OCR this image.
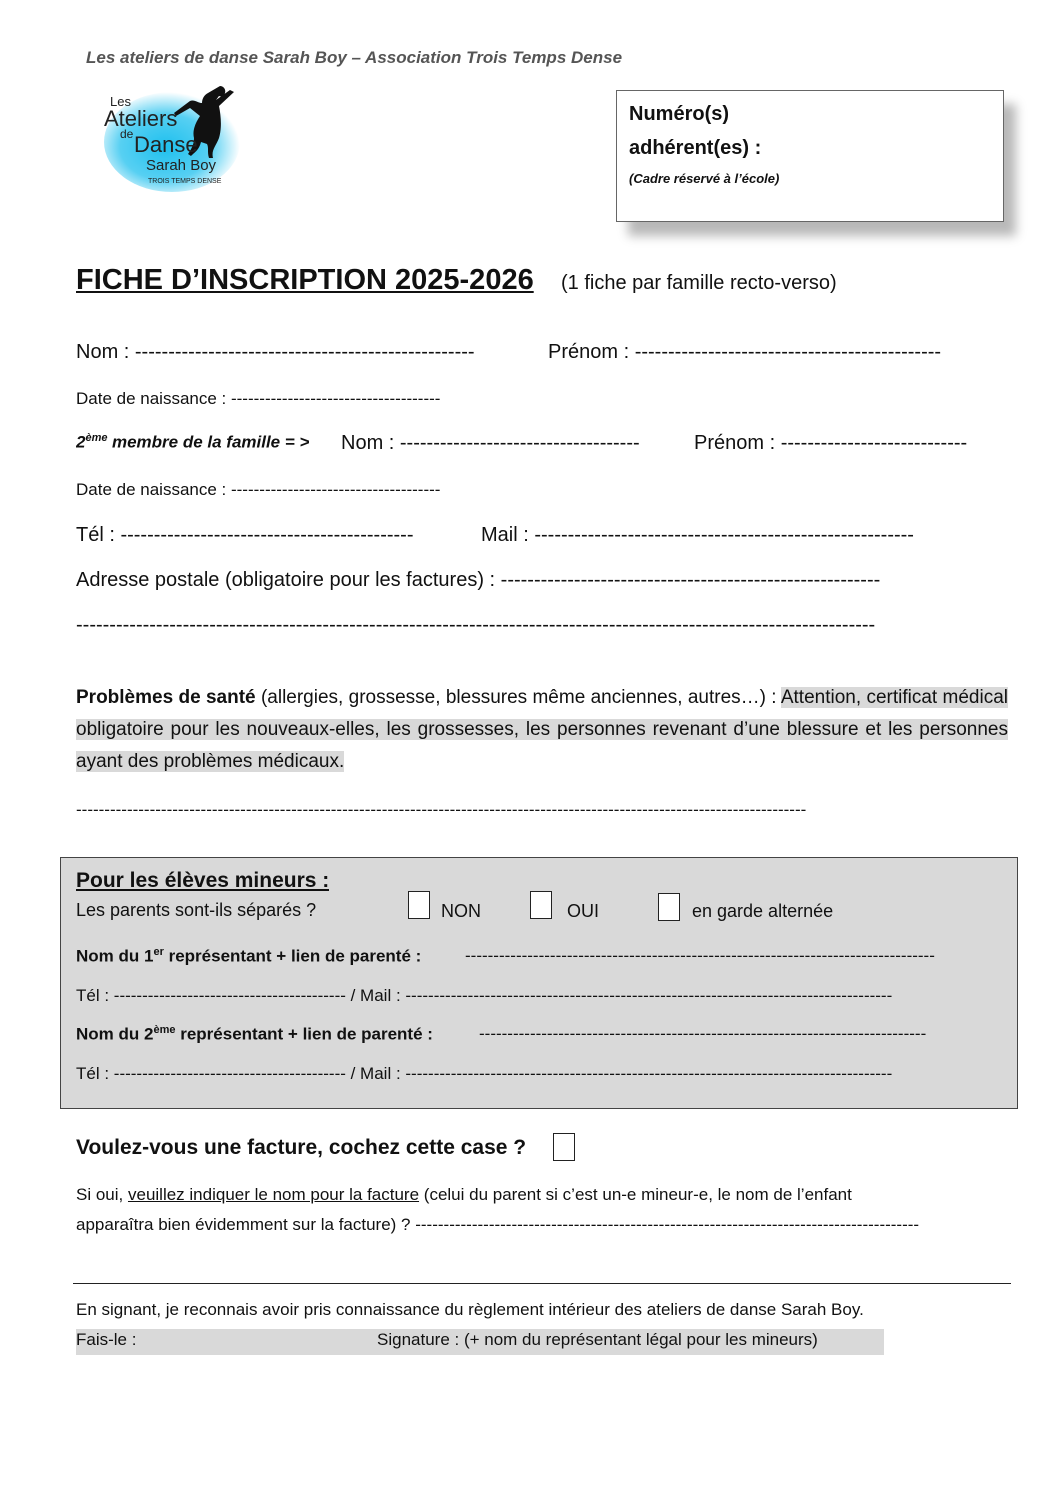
Les ateliers de danse Sarah Boy – Association Trois Temps Dense
Les
Ateliers
de Danse
Sarah Boy
TROIS TEMPS DENSE
Numéro(s)
adhérent(es) :
(Cadre réservé à l’école)
FICHE D’INSCRIPTION 2025-2026 (1 fiche par famille recto-verso)
Nom : ---------------------------------------------------	Prénom : ----------------------------------------------
Date de naissance : -------------------------------------
2ème membre de la famille = > Nom : ------------------------------------	Prénom : ----------------------------
Date de naissance : -------------------------------------
Tél : --------------------------------------------	Mail : ---------------------------------------------------------
Adresse postale (obligatoire pour les factures) : ---------------------------------------------------------
------------------------------------------------------------------------------------------------------------------------
Problèmes de santé (allergies, grossesse, blessures même anciennes, autres…) : Attention, certificat médical obligatoire pour les nouveaux-elles, les grossesses, les personnes revenant d’une blessure et les personnes ayant des problèmes médicaux.
---------------------------------------------------------------------------------------------------------------------------------
Pour les élèves mineurs :
Les parents sont-ils séparés ?	NON	OUI	en garde alternée
Nom du 1er représentant + lien de parenté :	-----------------------------------------------------------------------------------
Tél : ----------------------------------------- / Mail : --------------------------------------------------------------------------------------
Nom du 2ème représentant + lien de parenté :	-------------------------------------------------------------------------------
Tél : ----------------------------------------- / Mail : --------------------------------------------------------------------------------------
Voulez-vous une facture, cochez cette case ?
Si oui, veuillez indiquer le nom pour la facture (celui du parent si c’est un-e mineur-e, le nom de l’enfant
apparaîtra bien évidemment sur la facture) ? -----------------------------------------------------------------------------------------
En signant, je reconnais avoir pris connaissance du règlement intérieur des ateliers de danse Sarah Boy.
Fais-le :	Signature : (+ nom du représentant légal pour les mineurs)
